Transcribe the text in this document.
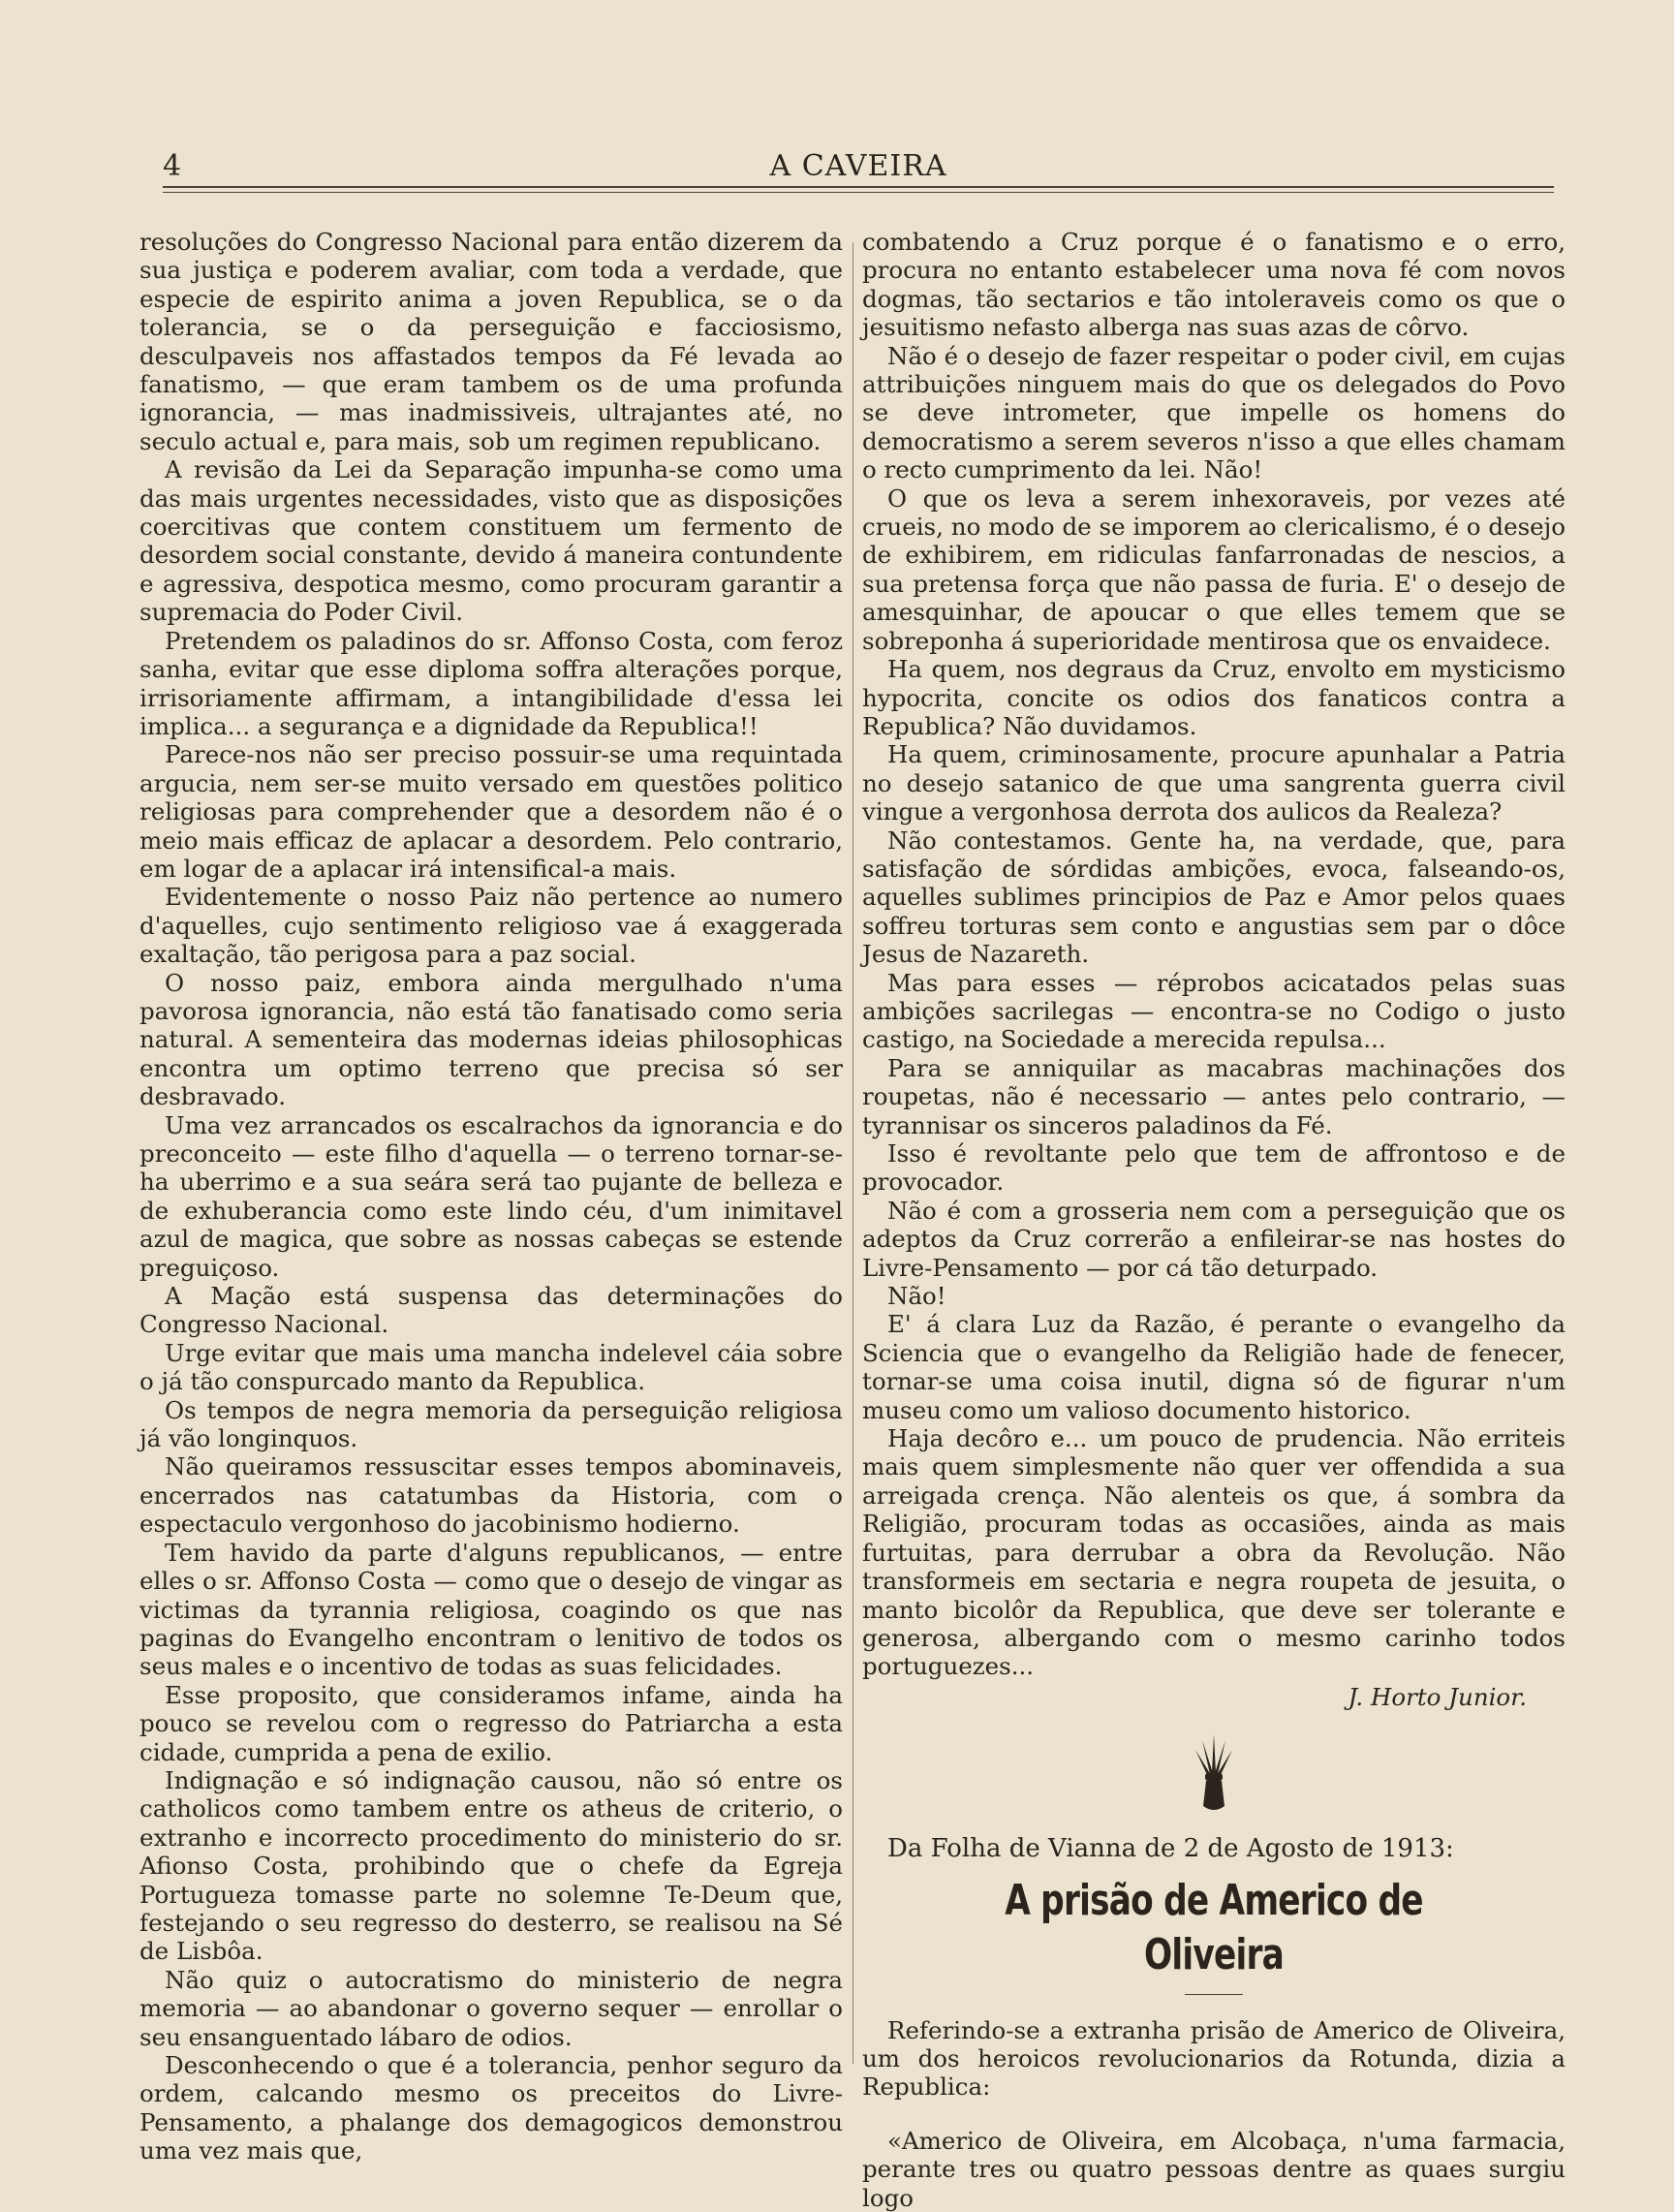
4	A CAVEIRA

resoluções do Congresso Nacional para então dizerem da sua justiça e poderem avaliar, com toda a verdade, que especie de espirito anima a joven Republica, se o da tolerancia, se o da perseguição e facciosismo, desculpaveis nos affastados tempos da Fé levada ao fanatismo, — que eram tambem os de uma profunda ignorancia, — mas inadmissiveis, ultrajantes até, no seculo actual e, para mais, sob um regimen republicano.

A revisão da Lei da Separação impunha-se como uma das mais urgentes necessidades, visto que as disposições coercitivas que contem constituem um fermento de desordem social constante, devido á maneira contundente e agressiva, despotica mesmo, como procuram garantir a supremacia do Poder Civil.

Pretendem os paladinos do sr. Affonso Costa, com feroz sanha, evitar que esse diploma soffra alterações porque, irrisoriamente affirmam, a intangibilidade d'essa lei implica... a segurança e a dignidade da Republica!!

Parece-nos não ser preciso possuir-se uma requintada argucia, nem ser-se muito versado em questões politico religiosas para comprehender que a desordem não é o meio mais efficaz de aplacar a desordem. Pelo contrario, em logar de a aplacar irá intensifical-a mais.

Evidentemente o nosso Paiz não pertence ao numero d'aquelles, cujo sentimento religioso vae á exaggerada exaltação, tão perigosa para a paz social.

O nosso paiz, embora ainda mergulhado n'uma pavorosa ignorancia, não está tão fanatisado como seria natural. A sementeira das modernas ideias philosophicas encontra um optimo terreno que precisa só ser desbravado.

Uma vez arrancados os escalrachos da ignorancia e do preconceito — este filho d'aquella — o terreno tornar-se-ha uberrimo e a sua seára será tao pujante de belleza e de exhuberancia como este lindo céu, d'um inimitavel azul de magica, que sobre as nossas cabeças se estende preguiçoso.

A Mação está suspensa das determinações do Congresso Nacional.

Urge evitar que mais uma mancha indelevel cáia sobre o já tão conspurcado manto da Republica.

Os tempos de negra memoria da perseguição religiosa já vão longinquos.

Não queiramos ressuscitar esses tempos abominaveis, encerrados nas catatumbas da Historia, com o espectaculo vergonhoso do jacobinismo hodierno.

Tem havido da parte d'alguns republicanos, — entre elles o sr. Affonso Costa — como que o desejo de vingar as victimas da tyrannia religiosa, coagindo os que nas paginas do Evangelho encontram o lenitivo de todos os seus males e o incentivo de todas as suas felicidades.

Esse proposito, que consideramos infame, ainda ha pouco se revelou com o regresso do Patriarcha a esta cidade, cumprida a pena de exilio.

Indignação e só indignação causou, não só entre os catholicos como tambem entre os atheus de criterio, o extranho e incorrecto procedimento do ministerio do sr. Afionso Costa, prohibindo que o chefe da Egreja Portugueza tomasse parte no solemne Te-Deum que, festejando o seu regresso do desterro, se realisou na Sé de Lisbôa.

Não quiz o autocratismo do ministerio de negra memoria — ao abandonar o governo sequer — enrollar o seu ensanguentado lábaro de odios.

Desconhecendo o que é a tolerancia, penhor seguro da ordem, calcando mesmo os preceitos do Livre-Pensamento, a phalange dos demagogicos demonstrou uma vez mais que,

combatendo a Cruz porque é o fanatismo e o erro, procura no entanto estabelecer uma nova fé com novos dogmas, tão sectarios e tão intoleraveis como os que o jesuitismo nefasto alberga nas suas azas de côrvo.

Não é o desejo de fazer respeitar o poder civil, em cujas attribuições ninguem mais do que os delegados do Povo se deve intrometer, que impelle os homens do democratismo a serem severos n'isso a que elles chamam o recto cumprimento da lei. Não!

O que os leva a serem inhexoraveis, por vezes até crueis, no modo de se imporem ao clericalismo, é o desejo de exhibirem, em ridiculas fanfarronadas de nescios, a sua pretensa força que não passa de furia. E' o desejo de amesquinhar, de apoucar o que elles temem que se sobreponha á superioridade mentirosa que os envaidece.

Ha quem, nos degraus da Cruz, envolto em mysticismo hypocrita, concite os odios dos fanaticos contra a Republica? Não duvidamos.

Ha quem, criminosamente, procure apunhalar a Patria no desejo satanico de que uma sangrenta guerra civil vingue a vergonhosa derrota dos aulicos da Realeza?

Não contestamos. Gente ha, na verdade, que, para satisfação de sórdidas ambições, evoca, falseando-os, aquelles sublimes principios de Paz e Amor pelos quaes soffreu torturas sem conto e angustias sem par o dôce Jesus de Nazareth.

Mas para esses — réprobos acicatados pelas suas ambições sacrilegas — encontra-se no Codigo o justo castigo, na Sociedade a merecida repulsa...

Para se anniquilar as macabras machinações dos roupetas, não é necessario — antes pelo contrario, — tyrannisar os sinceros paladinos da Fé.

Isso é revoltante pelo que tem de affrontoso e de provocador.

Não é com a grosseria nem com a perseguição que os adeptos da Cruz correrão a enfileirar-se nas hostes do Livre-Pensamento — por cá tão deturpado.

Não!

E' á clara Luz da Razão, é perante o evangelho da Sciencia que o evangelho da Religião hade de fenecer, tornar-se uma coisa inutil, digna só de figurar n'um museu como um valioso documento historico.

Haja decôro e... um pouco de prudencia. Não erriteis mais quem simplesmente não quer ver offendida a sua arreigada crença. Não alenteis os que, á sombra da Religião, procuram todas as occasiões, ainda as mais furtuitas, para derrubar a obra da Revolução. Não transformeis em sectaria e negra roupeta de jesuita, o manto bicolôr da Republica, que deve ser tolerante e generosa, albergando com o mesmo carinho todos portuguezes...

J. Horto Junior.

Da Folha de Vianna de 2 de Agosto de 1913:

A prisão de Americo de Oliveira

Referindo-se a extranha prisão de Americo de Oliveira, um dos heroicos revolucionarios da Rotunda, dizia a Republica:

«Americo de Oliveira, em Alcobaça, n'uma farmacia, perante tres ou quatro pessoas dentre as quaes surgiu logo
